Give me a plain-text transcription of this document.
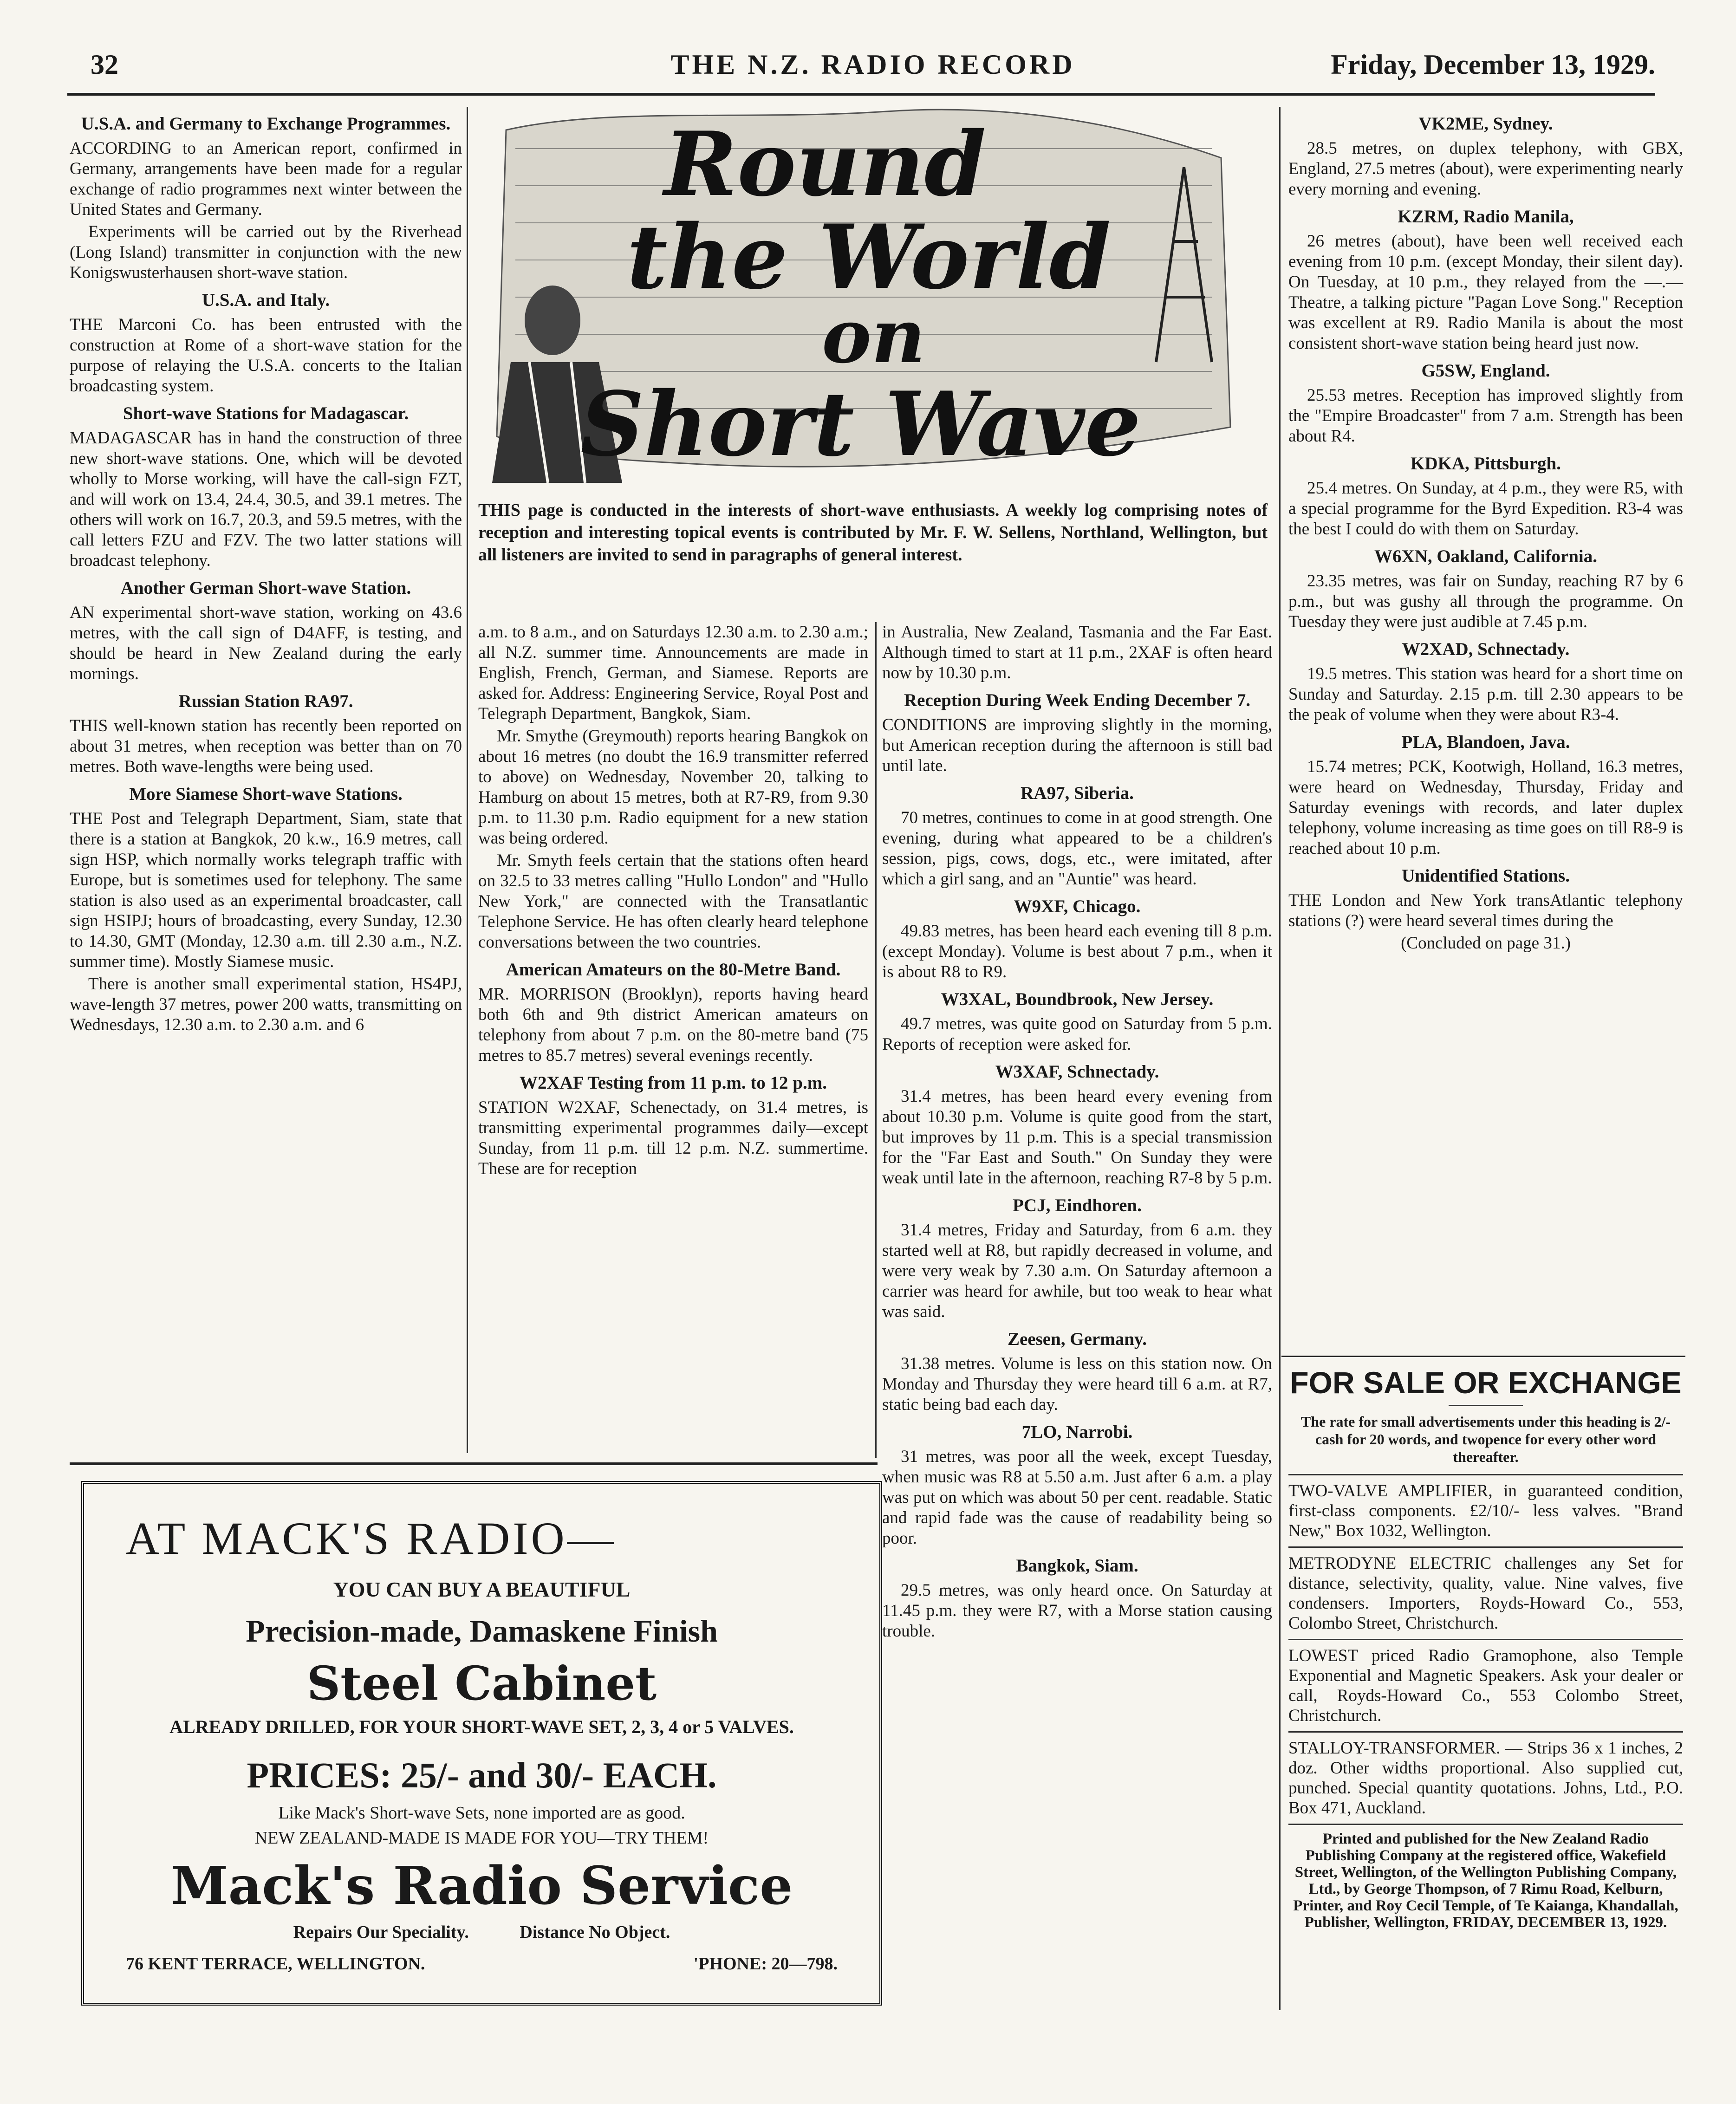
32	THE N.Z. RADIO RECORD	Friday, December 13, 1929.
U.S.A. and Germany to Exchange Programmes.

ACCORDING to an American report, confirmed in Germany, arrangements have been made for a regular exchange of radio programmes next winter between the United States and Germany.

Experiments will be carried out by the Riverhead (Long Island) transmitter in conjunction with the new Konigswusterhausen short-wave station.

U.S.A. and Italy.

THE Marconi Co. has been entrusted with the construction at Rome of a short-wave station for the purpose of relaying the U.S.A. concerts to the Italian broadcasting system.

Short-wave Stations for Madagascar.

MADAGASCAR has in hand the construction of three new short-wave stations. One, which will be devoted wholly to Morse working, will have the call-sign FZT, and will work on 13.4, 24.4, 30.5, and 39.1 metres. The others will work on 16.7, 20.3, and 59.5 metres, with the call letters FZU and FZV. The two latter stations will broadcast telephony.

Another German Short-wave Station.

AN experimental short-wave station, working on 43.6 metres, with the call sign of D4AFF, is testing, and should be heard in New Zealand during the early mornings.

Russian Station RA97.

THIS well-known station has recently been reported on about 31 metres, when reception was better than on 70 metres. Both wave-lengths were being used.

More Siamese Short-wave Stations.

THE Post and Telegraph Department, Siam, state that there is a station at Bangkok, 20 k.w., 16.9 metres, call sign HSP, which normally works telegraph traffic with Europe, but is sometimes used for telephony. The same station is also used as an experimental broadcaster, call sign HSIPJ; hours of broadcasting, every Sunday, 12.30 to 14.30, GMT (Monday, 12.30 a.m. till 2.30 a.m., N.Z. summer time). Mostly Siamese music.

There is another small experimental station, HS4PJ, wave-length 37 metres, power 200 watts, transmitting on Wednesdays, 12.30 a.m. to 2.30 a.m. and 6

Round
the World
on
Short Wave

THIS page is conducted in the interests of short-wave enthusiasts. A weekly log comprising notes of reception and interesting topical events is contributed by Mr. F. W. Sellens, Northland, Wellington, but all listeners are invited to send in paragraphs of general interest.

a.m. to 8 a.m., and on Saturdays 12.30 a.m. to 2.30 a.m.; all N.Z. summer time. Announcements are made in English, French, German, and Siamese. Reports are asked for. Address: Engineering Service, Royal Post and Telegraph Department, Bangkok, Siam.

Mr. Smythe (Greymouth) reports hearing Bangkok on about 16 metres (no doubt the 16.9 transmitter referred to above) on Wednesday, November 20, talking to Hamburg on about 15 metres, both at R7-R9, from 9.30 p.m. to 11.30 p.m. Radio equipment for a new station was being ordered.

Mr. Smyth feels certain that the stations often heard on 32.5 to 33 metres calling "Hullo London" and "Hullo New York," are connected with the Transatlantic Telephone Service. He has often clearly heard telephone conversations between the two countries.

American Amateurs on the 80-Metre Band.

MR. MORRISON (Brooklyn), reports having heard both 6th and 9th district American amateurs on telephony from about 7 p.m. on the 80-metre band (75 metres to 85.7 metres) several evenings recently.

W2XAF Testing from 11 p.m. to 12 p.m.

STATION W2XAF, Schenectady, on 31.4 metres, is transmitting experimental programmes daily—except Sunday, from 11 p.m. till 12 p.m. N.Z. summertime. These are for reception

in Australia, New Zealand, Tasmania and the Far East. Although timed to start at 11 p.m., 2XAF is often heard now by 10.30 p.m.

Reception During Week Ending December 7.

CONDITIONS are improving slightly in the morning, but American reception during the afternoon is still bad until late.

RA97, Siberia.

70 metres, continues to come in at good strength. One evening, during what appeared to be a children's session, pigs, cows, dogs, etc., were imitated, after which a girl sang, and an "Auntie" was heard.

W9XF, Chicago.

49.83 metres, has been heard each evening till 8 p.m. (except Monday). Volume is best about 7 p.m., when it is about R8 to R9.

W3XAL, Boundbrook, New Jersey.

49.7 metres, was quite good on Saturday from 5 p.m. Reports of reception were asked for.

W3XAF, Schnectady.

31.4 metres, has been heard every evening from about 10.30 p.m. Volume is quite good from the start, but improves by 11 p.m. This is a special transmission for the "Far East and South." On Sunday they were weak until late in the afternoon, reaching R7-8 by 5 p.m.

PCJ, Eindhoren.

31.4 metres, Friday and Saturday, from 6 a.m. they started well at R8, but rapidly decreased in volume, and were very weak by 7.30 a.m. On Saturday afternoon a carrier was heard for awhile, but too weak to hear what was said.

Zeesen, Germany.

31.38 metres. Volume is less on this station now. On Monday and Thursday they were heard till 6 a.m. at R7, static being bad each day.

7LO, Narrobi.

31 metres, was poor all the week, except Tuesday, when music was R8 at 5.50 a.m. Just after 6 a.m. a play was put on which was about 50 per cent. readable. Static and rapid fade was the cause of readability being so poor.

Bangkok, Siam.

29.5 metres, was only heard once. On Saturday at 11.45 p.m. they were R7, with a Morse station causing trouble.

VK2ME, Sydney.

28.5 metres, on duplex telephony, with GBX, England, 27.5 metres (about), were experimenting nearly every morning and evening.

KZRM, Radio Manila,

26 metres (about), have been well received each evening from 10 p.m. (except Monday, their silent day). On Tuesday, at 10 p.m., they relayed from the —.— Theatre, a talking picture "Pagan Love Song." Reception was excellent at R9. Radio Manila is about the most consistent short-wave station being heard just now.

G5SW, England.

25.53 metres. Reception has improved slightly from the "Empire Broadcaster" from 7 a.m. Strength has been about R4.

KDKA, Pittsburgh.

25.4 metres. On Sunday, at 4 p.m., they were R5, with a special programme for the Byrd Expedition. R3-4 was the best I could do with them on Saturday.

W6XN, Oakland, California.

23.35 metres, was fair on Sunday, reaching R7 by 6 p.m., but was gushy all through the programme. On Tuesday they were just audible at 7.45 p.m.

W2XAD, Schnectady.

19.5 metres. This station was heard for a short time on Sunday and Saturday. 2.15 p.m. till 2.30 appears to be the peak of volume when they were about R3-4.

PLA, Blandoen, Java.

15.74 metres; PCK, Kootwigh, Holland, 16.3 metres, were heard on Wednesday, Thursday, Friday and Saturday evenings with records, and later duplex telephony, volume increasing as time goes on till R8-9 is reached about 10 p.m.

Unidentified Stations.

THE London and New York transAtlantic telephony stations (?) were heard several times during the

(Concluded on page 31.)

FOR SALE OR EXCHANGE
The rate for small advertisements under this heading is 2/- cash for 20 words, and twopence for every other word thereafter.

TWO-VALVE AMPLIFIER, in guaranteed condition, first-class components. £2/10/- less valves. "Brand New," Box 1032, Wellington.

METRODYNE ELECTRIC challenges any Set for distance, selectivity, quality, value. Nine valves, five condensers. Importers, Royds-Howard Co., 553, Colombo Street, Christchurch.

LOWEST priced Radio Gramophone, also Temple Exponential and Magnetic Speakers. Ask your dealer or call, Royds-Howard Co., 553 Colombo Street, Christchurch.

STALLOY-TRANSFORMER. — Strips 36 x 1 inches, 2 doz. Other widths proportional. Also supplied cut, punched. Special quantity quotations. Johns, Ltd., P.O. Box 471, Auckland.

Printed and published for the New Zealand Radio Publishing Company at the registered office, Wakefield Street, Wellington, of the Wellington Publishing Company, Ltd., by George Thompson, of 7 Rimu Road, Kelburn, Printer, and Roy Cecil Temple, of Te Kaianga, Khandallah, Publisher, Wellington, FRIDAY, DECEMBER 13, 1929.
AT MACK'S RADIO—
YOU CAN BUY A BEAUTIFUL
Precision-made, Damaskene Finish
Steel Cabinet
ALREADY DRILLED, FOR YOUR SHORT-WAVE SET, 2, 3, 4 or 5 VALVES.
PRICES: 25/- and 30/- EACH.
Like Mack's Short-wave Sets, none imported are as good.
NEW ZEALAND-MADE IS MADE FOR YOU—TRY THEM!
Mack's Radio Service
Repairs Our Speciality.	Distance No Object.
76 KENT TERRACE, WELLINGTON.	'PHONE: 20—798.
